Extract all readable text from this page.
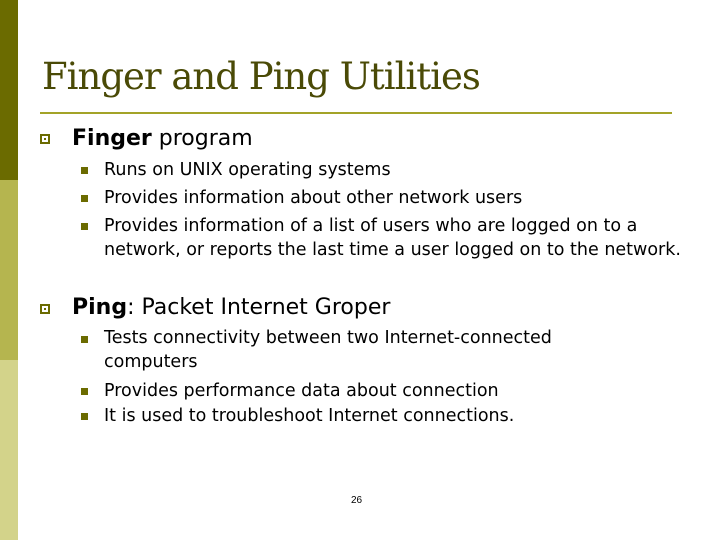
Finger and Ping Utilities
Finger program
Runs on UNIX operating systems
Provides information about other network users
Provides information of a list of users who are logged on to a network, or reports the last time a user logged on to the network.
Ping: Packet Internet Groper
Tests connectivity between two Internet-connected computers
Provides performance data about connection
It is used to troubleshoot Internet connections.
26
